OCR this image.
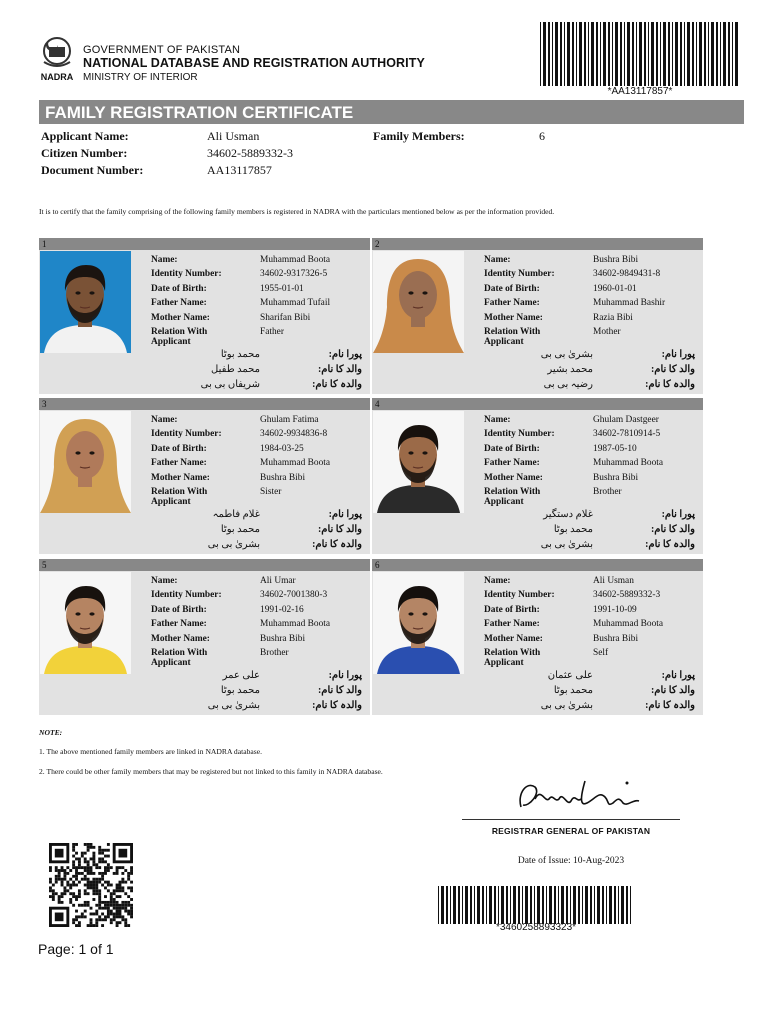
NADRA
GOVERNMENT OF PAKISTAN
NATIONAL DATABASE AND REGISTRATION AUTHORITY
MINISTRY OF INTERIOR
*AA13117857*
FAMILY REGISTRATION CERTIFICATE
Applicant Name:	Ali Usman
Citizen Number:	34602-5889332-3
Document Number:	AA13117857
Family Members:	6
It is to certify that the family comprising of the following family members is registered in NADRA with the particulars mentioned below as per the information provided.
1
Name:	Muhammad Boota
Identity Number:	34602-9317326-5
Date of Birth:	1955-01-01
Father Name:	Muhammad Tufail
Mother Name:	Sharifan Bibi
Relation With
Applicant
Father
پورا نام:
محمد بوٹا
والد کا نام:
محمد طفیل
والدہ کا نام:
شریفاں بی بی
2
Name:	Bushra Bibi
Identity Number:	34602-9849431-8
Date of Birth:	1960-01-01
Father Name:	Muhammad Bashir
Mother Name:	Razia Bibi
Relation With
Applicant
Mother
پورا نام:
بشریٰ بی بی
والد کا نام:
محمد بشیر
والدہ کا نام:
رضیہ بی بی
3
Name:	Ghulam Fatima
Identity Number:	34602-9934836-8
Date of Birth:	1984-03-25
Father Name:	Muhammad Boota
Mother Name:	Bushra Bibi
Relation With
Applicant
Sister
پورا نام:
غلام فاطمہ
والد کا نام:
محمد بوٹا
والدہ کا نام:
بشریٰ بی بی
4
Name:	Ghulam Dastgeer
Identity Number:	34602-7810914-5
Date of Birth:	1987-05-10
Father Name:	Muhammad Boota
Mother Name:	Bushra Bibi
Relation With
Applicant
Brother
پورا نام:
غلام دستگیر
والد کا نام:
محمد بوٹا
والدہ کا نام:
بشریٰ بی بی
5
Name:	Ali Umar
Identity Number:	34602-7001380-3
Date of Birth:	1991-02-16
Father Name:	Muhammad Boota
Mother Name:	Bushra Bibi
Relation With
Applicant
Brother
پورا نام:
علی عمر
والد کا نام:
محمد بوٹا
والدہ کا نام:
بشریٰ بی بی
6
Name:	Ali Usman
Identity Number:	34602-5889332-3
Date of Birth:	1991-10-09
Father Name:	Muhammad Boota
Mother Name:	Bushra Bibi
Relation With
Applicant
Self
پورا نام:
علی عثمان
والد کا نام:
محمد بوٹا
والدہ کا نام:
بشریٰ بی بی
NOTE:
1. The above mentioned family members are linked in NADRA database.
2. There could be other family members that may be registered but not linked to this family in NADRA database.
REGISTRAR GENERAL OF PAKISTAN
Date of Issue: 10-Aug-2023
*3460258893323*
Page: 1 of 1
